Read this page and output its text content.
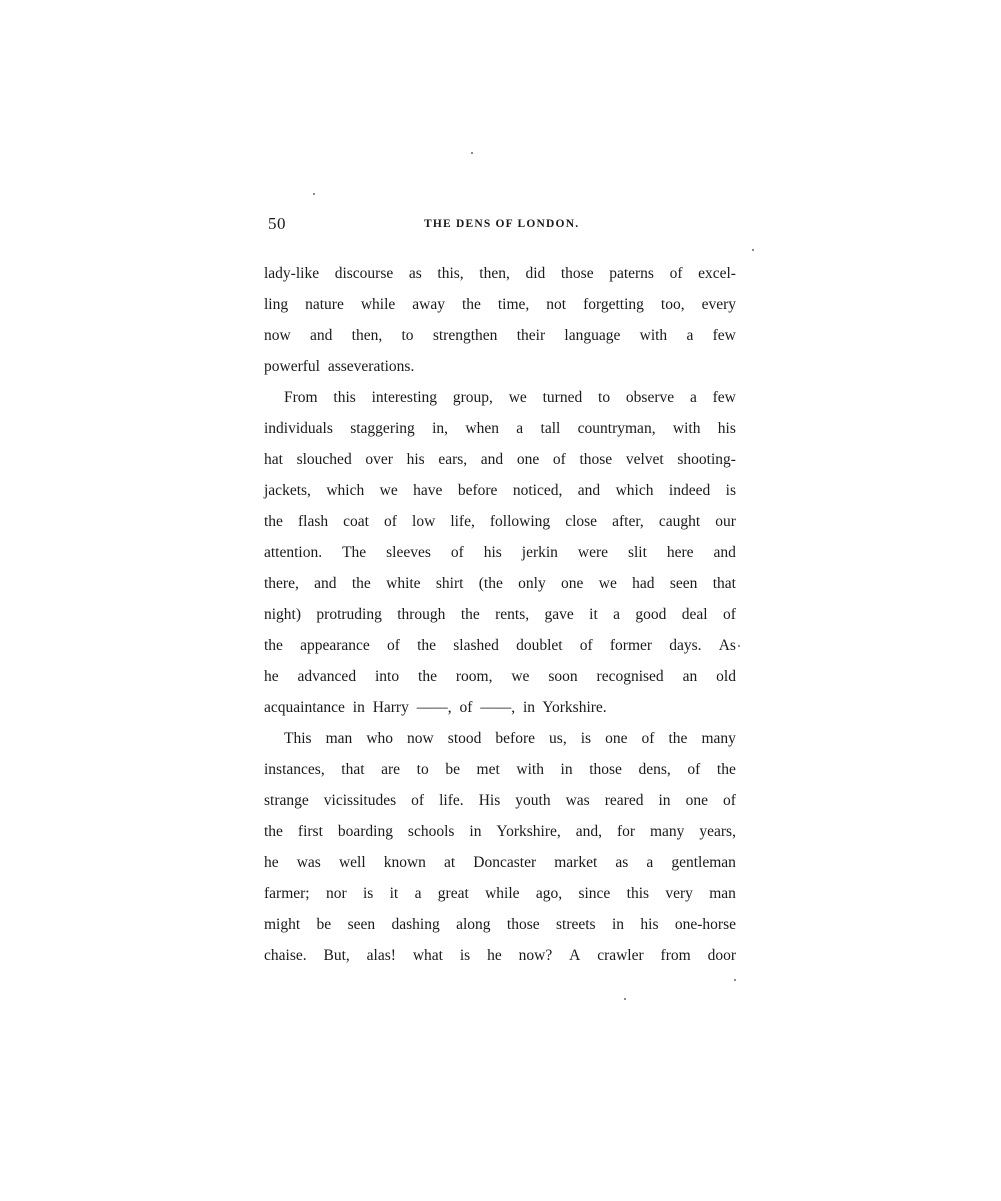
50	THE DENS OF LONDON.
lady-like discourse as this, then, did those paterns of excel-
ling nature while away the time, not forgetting too, every
now and then, to strengthen their language with a few
powerful asseverations.
From this interesting group, we turned to observe a few
individuals staggering in, when a tall countryman, with his
hat slouched over his ears, and one of those velvet shooting-
jackets, which we have before noticed, and which indeed is
the flash coat of low life, following close after, caught our
attention. The sleeves of his jerkin were slit here and
there, and the white shirt (the only one we had seen that
night) protruding through the rents, gave it a good deal of
the appearance of the slashed doublet of former days. As
he advanced into the room, we soon recognised an old
acquaintance in Harry ——, of ——, in Yorkshire.
This man who now stood before us, is one of the many
instances, that are to be met with in those dens, of the
strange vicissitudes of life. His youth was reared in one of
the first boarding schools in Yorkshire, and, for many years,
he was well known at Doncaster market as a gentleman
farmer; nor is it a great while ago, since this very man
might be seen dashing along those streets in his one-horse
chaise. But, alas! what is he now? A crawler from door
